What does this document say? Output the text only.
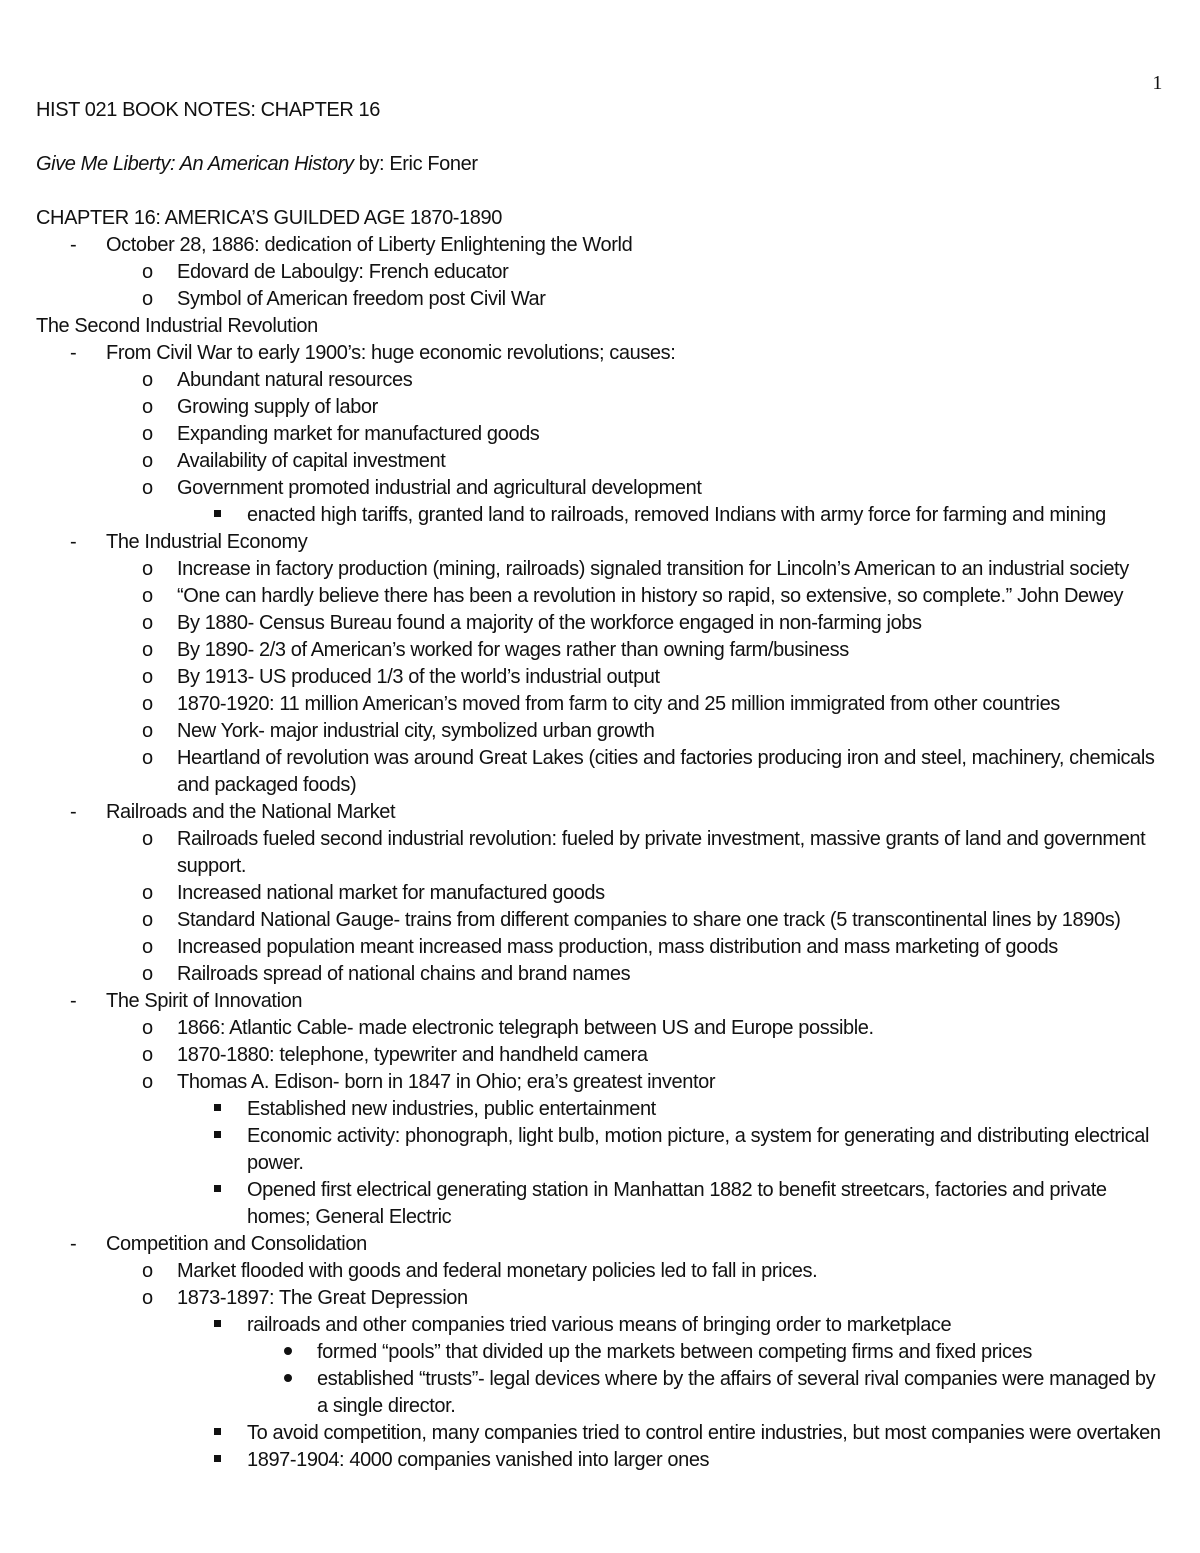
1
HIST 021 BOOK NOTES: CHAPTER 16
Give Me Liberty: An American History by: Eric Foner
CHAPTER 16: AMERICA’S GUILDED AGE 1870-1890
-	October 28, 1886: dedication of Liberty Enlightening the World
o	Edovard de Laboulgy: French educator
o	Symbol of American freedom post Civil War
The Second Industrial Revolution
-	From Civil War to early 1900’s: huge economic revolutions; causes:
o	Abundant natural resources
o	Growing supply of labor
o	Expanding market for manufactured goods
o	Availability of capital investment
o	Government promoted industrial and agricultural development
enacted high tariffs, granted land to railroads, removed Indians with army force for farming and mining
-	The Industrial Economy
o	Increase in factory production (mining, railroads) signaled transition for Lincoln’s American to an industrial society
o	“One can hardly believe there has been a revolution in history so rapid, so extensive, so complete.” John Dewey
o	By 1880- Census Bureau found a majority of the workforce engaged in non-farming jobs
o	By 1890- 2/3 of American’s worked for wages rather than owning farm/business
o	By 1913- US produced 1/3 of the world’s industrial output
o	1870-1920: 11 million American’s moved from farm to city and 25 million immigrated from other countries
o	New York- major industrial city, symbolized urban growth
o	Heartland of revolution was around Great Lakes (cities and factories producing iron and steel, machinery, chemicals and packaged foods)
-	Railroads and the National Market
o	Railroads fueled second industrial revolution: fueled by private investment, massive grants of land and government support.
o	Increased national market for manufactured goods
o	Standard National Gauge- trains from different companies to share one track (5 transcontinental lines by 1890s)
o	Increased population meant increased mass production, mass distribution and mass marketing of goods
o	Railroads spread of national chains and brand names
-	The Spirit of Innovation
o	1866: Atlantic Cable- made electronic telegraph between US and Europe possible.
o	1870-1880: telephone, typewriter and handheld camera
o	Thomas A. Edison- born in 1847 in Ohio; era’s greatest inventor
Established new industries, public entertainment
Economic activity: phonograph, light bulb, motion picture, a system for generating and distributing electrical power.
Opened first electrical generating station in Manhattan 1882 to benefit streetcars, factories and private homes; General Electric
-	Competition and Consolidation
o	Market flooded with goods and federal monetary policies led to fall in prices.
o	1873-1897: The Great Depression
railroads and other companies tried various means of bringing order to marketplace
formed “pools” that divided up the markets between competing firms and fixed prices
established “trusts”- legal devices where by the affairs of several rival companies were managed by a single director.
To avoid competition, many companies tried to control entire industries, but most companies were overtaken
1897-1904: 4000 companies vanished into larger ones
